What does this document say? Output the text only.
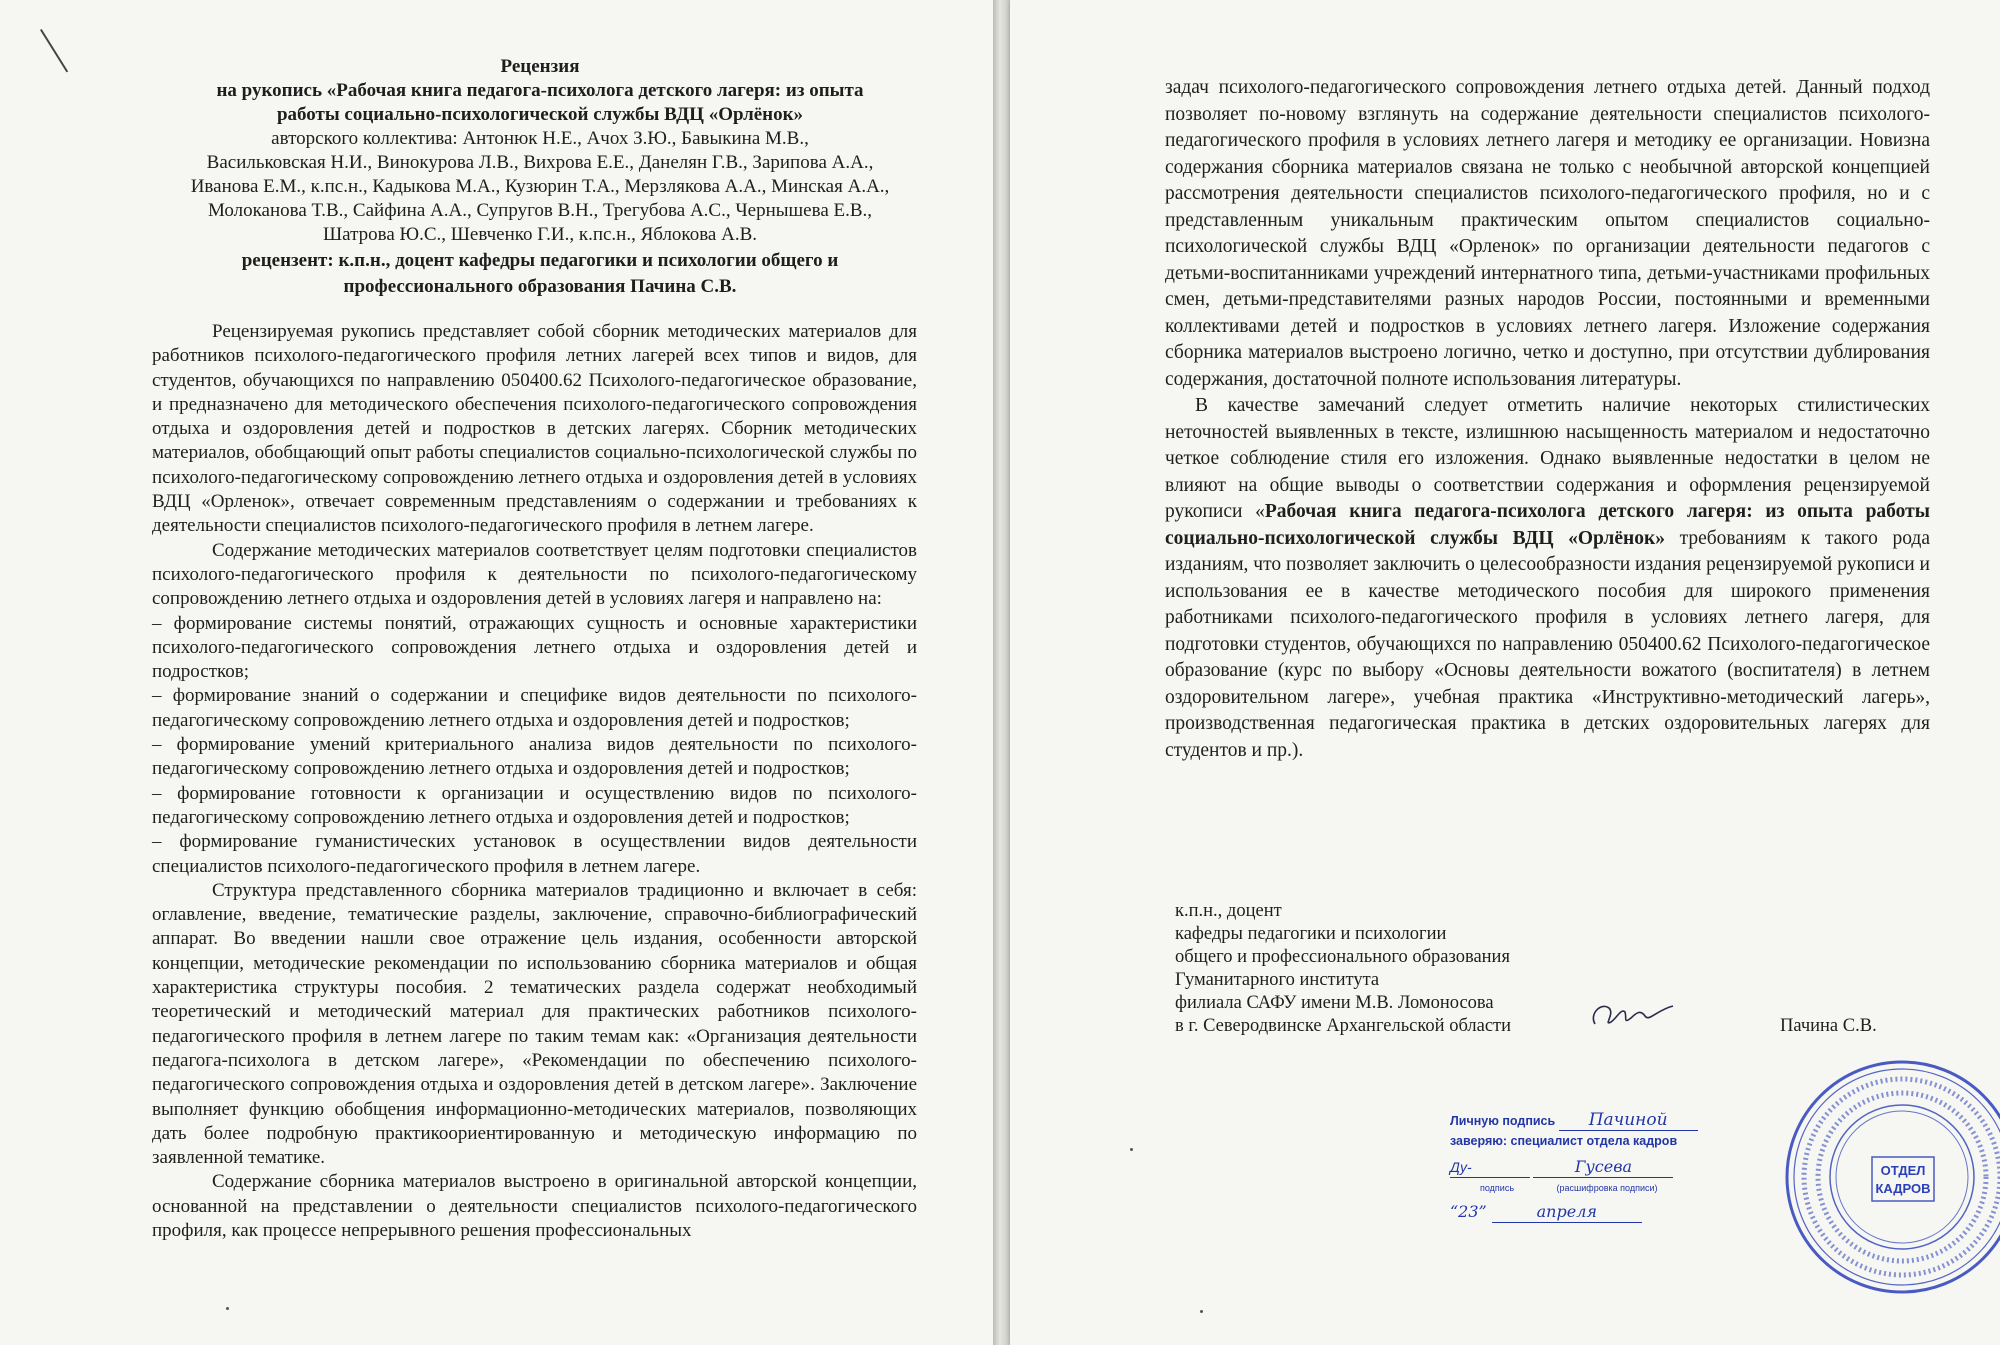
Рецензия
на рукопись «Рабочая книга педагога-психолога детского лагеря: из опыта
работы социально-психологической службы ВДЦ «Орлёнок»
авторского коллектива: Антонюк Н.Е., Ачох З.Ю., Бавыкина М.В.,
Васильковская Н.И., Винокурова Л.В., Вихрова Е.Е., Данелян Г.В., Зарипова А.А.,
Иванова Е.М., к.пс.н., Кадыкова М.А., Кузюрин Т.А., Мерзлякова А.А., Минская А.А.,
Молоканова Т.В., Сайфина А.А., Супругов В.Н., Трегубова А.С., Чернышева Е.В.,
Шатрова Ю.С., Шевченко Г.И., к.пс.н., Яблокова А.В.
рецензент: к.п.н., доцент кафедры педагогики и психологии общего и
профессионального образования Пачина С.В.

Рецензируемая рукопись представляет собой сборник методических материалов для работников психолого-педагогического профиля летних лагерей всех типов и видов, для студентов, обучающихся по направлению 050400.62 Психолого-педагогическое образование, и предназначено для методического обеспечения психолого-педагогического сопровождения отдыха и оздоровления детей и подростков в детских лагерях. Сборник методических материалов, обобщающий опыт работы специалистов социально-психологической службы по психолого-педагогическому сопровождению летнего отдыха и оздоровления детей в условиях ВДЦ «Орленок», отвечает современным представлениям о содержании и требованиях к деятельности специалистов психолого-педагогического профиля в летнем лагере.

Содержание методических материалов соответствует целям подготовки специалистов психолого-педагогического профиля к деятельности по психолого-педагогическому сопровождению летнего отдыха и оздоровления детей в условиях лагеря и направлено на:

– формирование системы понятий, отражающих сущность и основные характеристики психолого-педагогического сопровождения летнего отдыха и оздоровления детей и подростков;

– формирование знаний о содержании и специфике видов деятельности по психолого-педагогическому сопровождению летнего отдыха и оздоровления детей и подростков;

– формирование умений критериального анализа видов деятельности по психолого-педагогическому сопровождению летнего отдыха и оздоровления детей и подростков;

– формирование готовности к организации и осуществлению видов по психолого-педагогическому сопровождению летнего отдыха и оздоровления детей и подростков;

– формирование гуманистических установок в осуществлении видов деятельности специалистов психолого-педагогического профиля в летнем лагере.

Структура представленного сборника материалов традиционно и включает в себя: оглавление, введение, тематические разделы, заключение, справочно-библиографический аппарат. Во введении нашли свое отражение цель издания, особенности авторской концепции, методические рекомендации по использованию сборника материалов и общая характеристика структуры пособия. 2 тематических раздела содержат необходимый теоретический и методический материал для практических работников психолого-педагогического профиля в летнем лагере по таким темам как: «Организация деятельности педагога-психолога в детском лагере», «Рекомендации по обеспечению психолого-педагогического сопровождения отдыха и оздоровления детей в детском лагере». Заключение выполняет функцию обобщения информационно-методических материалов, позволяющих дать более подробную практикоориентированную и методическую информацию по заявленной тематике.

Содержание сборника материалов выстроено в оригинальной авторской концепции, основанной на представлении о деятельности специалистов психолого-педагогического профиля, как процессе непрерывного решения профессиональных

задач психолого-педагогического сопровождения летнего отдыха детей. Данный подход позволяет по-новому взглянуть на содержание деятельности специалистов психолого-педагогического профиля в условиях летнего лагеря и методику ее организации. Новизна содержания сборника материалов связана не только с необычной авторской концепцией рассмотрения деятельности специалистов психолого-педагогического профиля, но и с представленным уникальным практическим опытом специалистов социально-психологической службы ВДЦ «Орленок» по организации деятельности педагогов с детьми-воспитанниками учреждений интернатного типа, детьми-участниками профильных смен, детьми-представителями разных народов России, постоянными и временными коллективами детей и подростков в условиях летнего лагеря. Изложение содержания сборника материалов выстроено логично, четко и доступно, при отсутствии дублирования содержания, достаточной полноте использования литературы.

В качестве замечаний следует отметить наличие некоторых стилистических неточностей выявленных в тексте, излишнюю насыщенность материалом и недостаточно четкое соблюдение стиля его изложения. Однако выявленные недостатки в целом не влияют на общие выводы о соответствии содержания и оформления рецензируемой рукописи «Рабочая книга педагога-психолога детского лагеря: из опыта работы социально-психологической службы ВДЦ «Орлёнок» требованиям к такого рода изданиям, что позволяет заключить о целесообразности издания рецензируемой рукописи и использования ее в качестве методического пособия для широкого применения работниками психолого-педагогического профиля в условиях летнего лагеря, для подготовки студентов, обучающихся по направлению 050400.62 Психолого-педагогическое образование (курс по выбору «Основы деятельности вожатого (воспитателя) в летнем оздоровительном лагере», учебная практика «Инструктивно-методический лагерь», производственная педагогическая практика в детских оздоровительных лагерях для студентов и пр.).

к.п.н., доцент
кафедры педагогики и психологии
общего и профессионального образования
Гуманитарного института
филиала САФУ имени М.В. Ломоносова
в г. Северодвинске Архангельской области	Пачина С.В.
Личную подпись Пачиной
заверяю: специалист отдела кадров
Ду-	Гусева
подпись	(расшифровка подписи)
“23”	апреля
ОТДЕЛ
КАДРОВ
